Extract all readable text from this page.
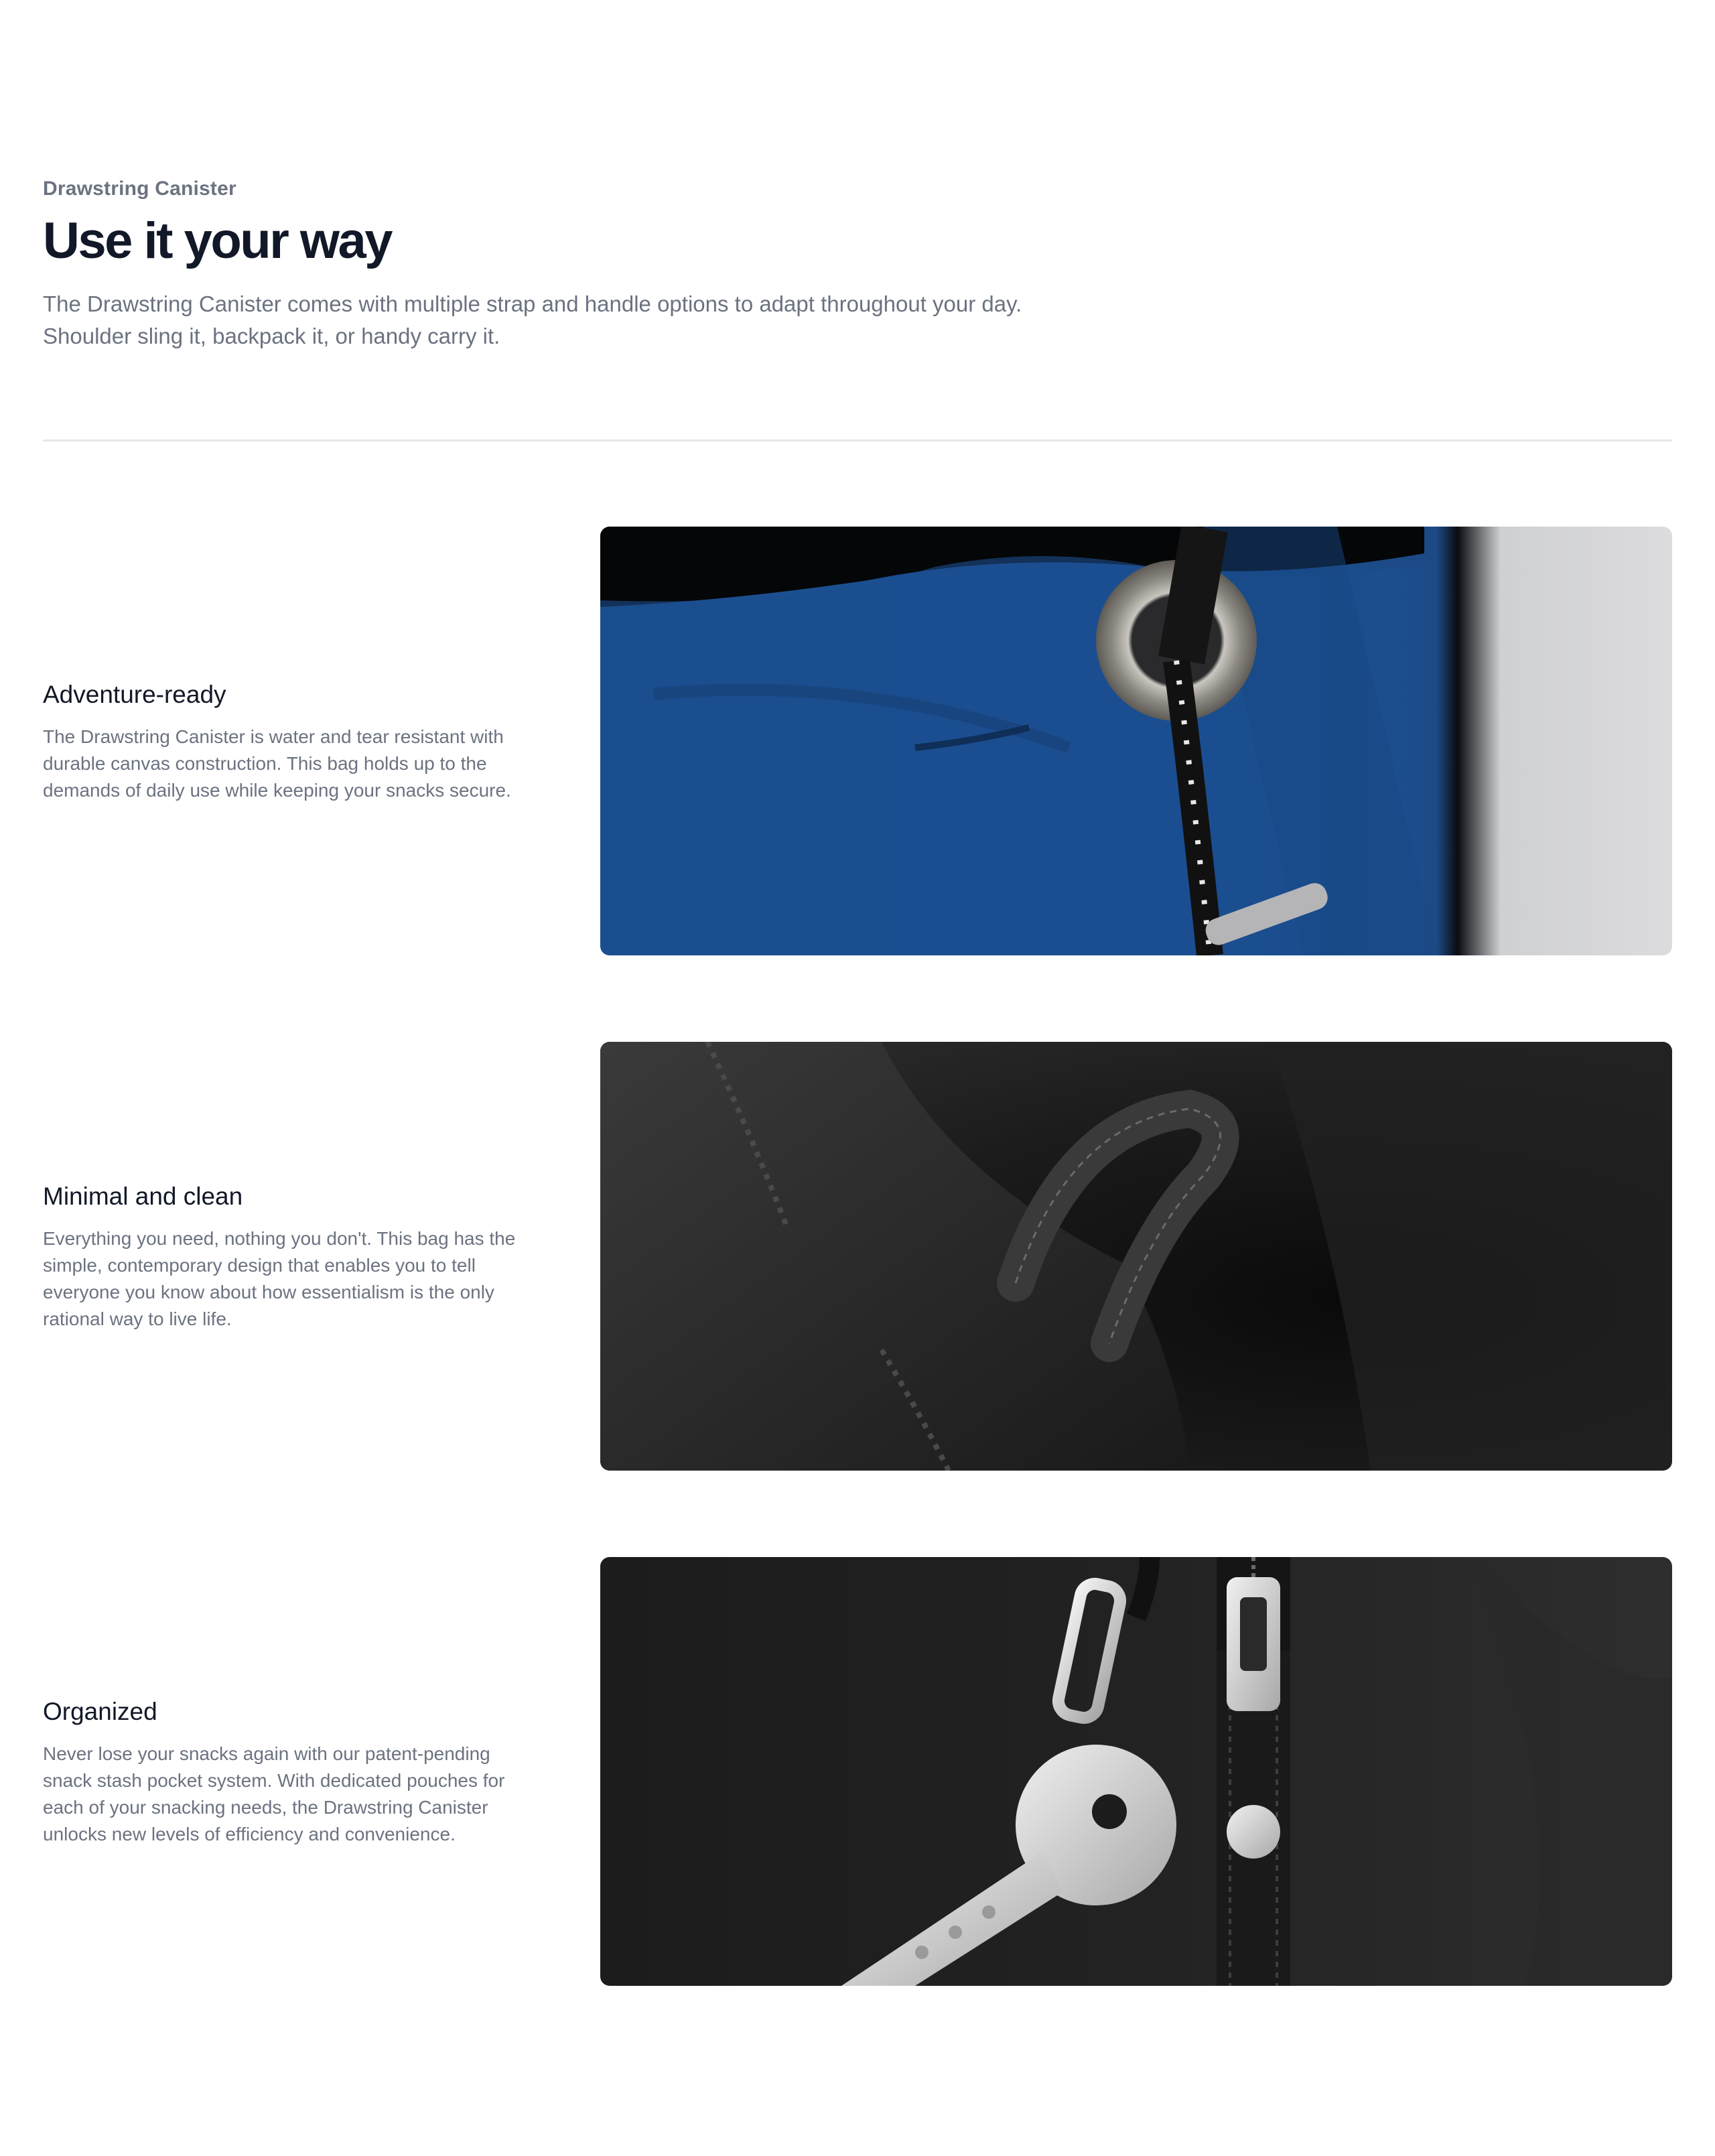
Drawstring Canister
Use it your way

The Drawstring Canister comes with multiple strap and handle options to adapt throughout your day.
Shoulder sling it, backpack it, or handy carry it.

Adventure-ready

The Drawstring Canister is water and tear resistant with
durable canvas construction. This bag holds up to the
demands of daily use while keeping your snacks secure.

Minimal and clean

Everything you need, nothing you don't. This bag has the
simple, contemporary design that enables you to tell
everyone you know about how essentialism is the only
rational way to live life.

Organized

Never lose your snacks again with our patent-pending
snack stash pocket system. With dedicated pouches for
each of your snacking needs, the Drawstring Canister
unlocks new levels of efficiency and convenience.
